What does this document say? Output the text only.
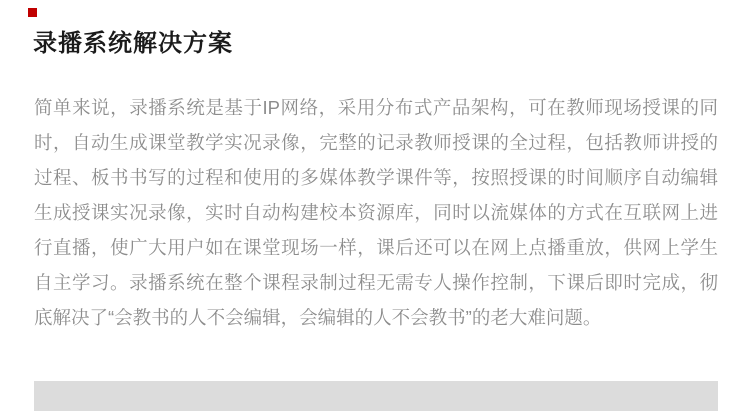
录播系统解决方案

简单来说，录播系统是基于IP网络，采用分布式产品架构，可在教师现场授课的同时，自动生成课堂教学实况录像，完整的记录教师授课的全过程，包括教师讲授的过程、板书书写的过程和使用的多媒体教学课件等，按照授课的时间顺序自动编辑生成授课实况录像，实时自动构建校本资源库，同时以流媒体的方式在互联网上进行直播，使广大用户如在课堂现场一样，课后还可以在网上点播重放，供网上学生自主学习。录播系统在整个课程录制过程无需专人操作控制，下课后即时完成，彻底解决了“会教书的人不会编辑，会编辑的人不会教书”的老大难问题。
